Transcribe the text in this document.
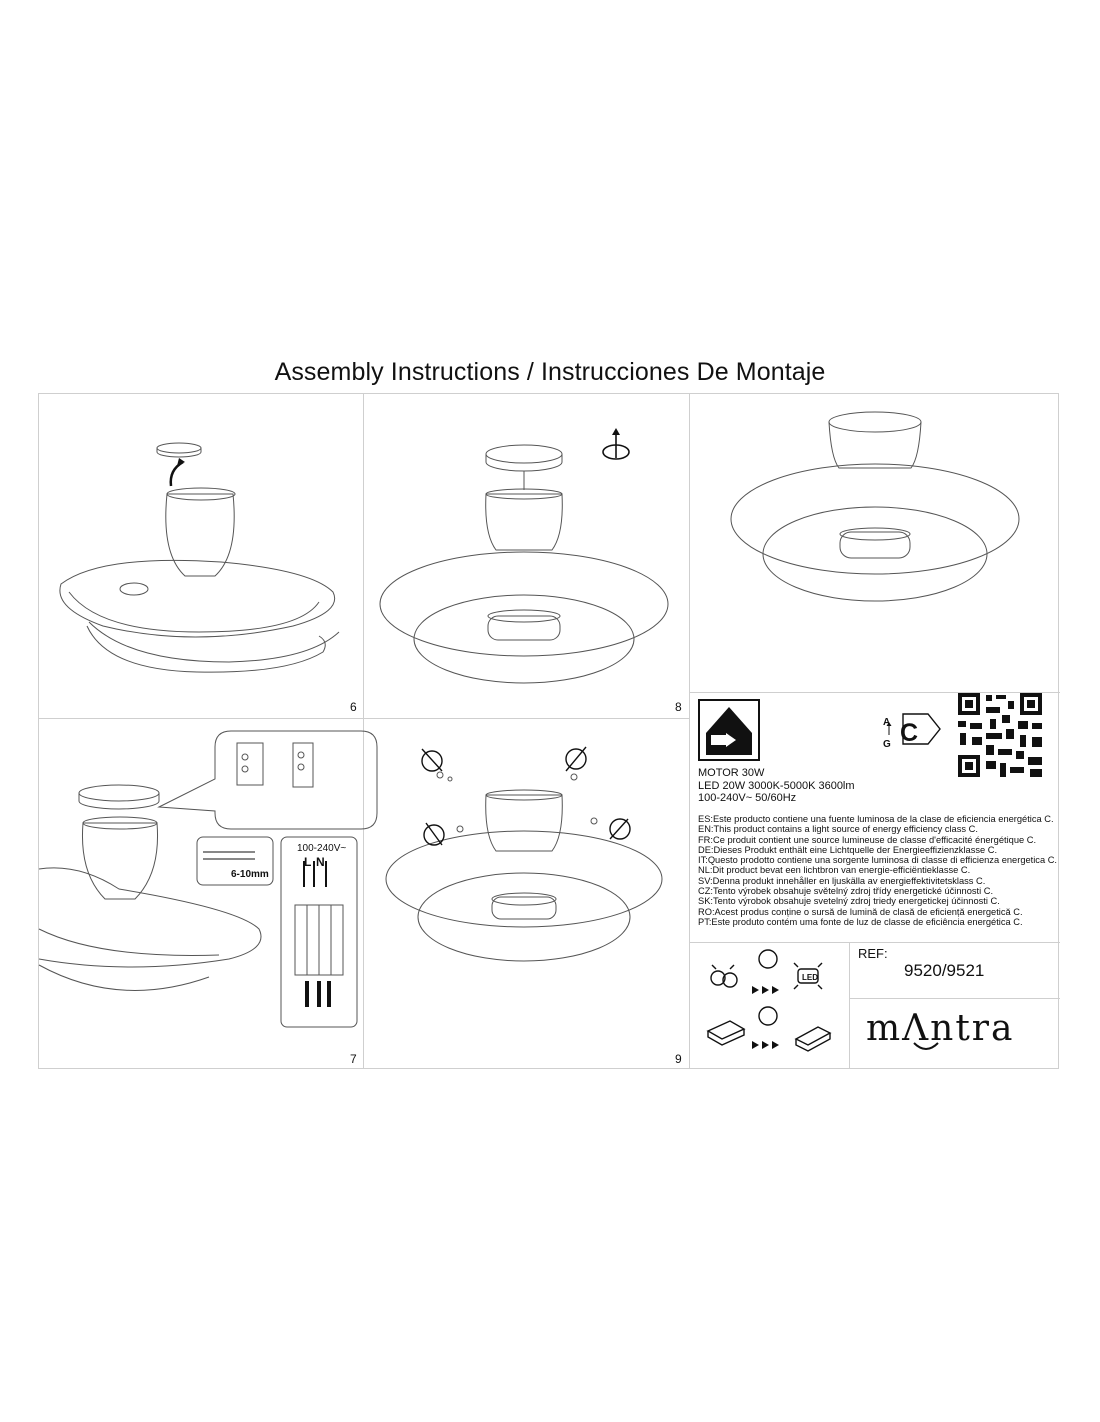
Assembly Instructions / Instrucciones De Montaje
6	8
6-10mm
100-240V~
L N
7	9
LED
A
G C
MOTOR 30W
LED 20W 3000K-5000K 3600lm
100-240V~ 50/60Hz
ES:Este producto contiene una fuente luminosa de la clase de eficiencia energética C.
EN:This product contains a light source of energy efficiency class C.
FR:Ce produit contient une source lumineuse de classe d'efficacité énergétique C.
DE:Dieses Produkt enthält eine Lichtquelle der Energieeffizienzklasse C.
IT:Questo prodotto contiene una sorgente luminosa di classe di efficienza energetica C.
NL:Dit product bevat een lichtbron van energie-efficiëntieklasse C.
SV:Denna produkt innehåller en ljuskälla av energieffektivitetsklass C.
CZ:Tento výrobek obsahuje světelný zdroj třídy energetické účinnosti C.
SK:Tento výrobok obsahuje svetelný zdroj triedy energetickej účinnosti C.
RO:Acest produs conține o sursă de lumină de clasă de eficiență energetică C.
PT:Este produto contém uma fonte de luz de classe de eficiência energética C.
REF:
9520/9521
mΛntra
